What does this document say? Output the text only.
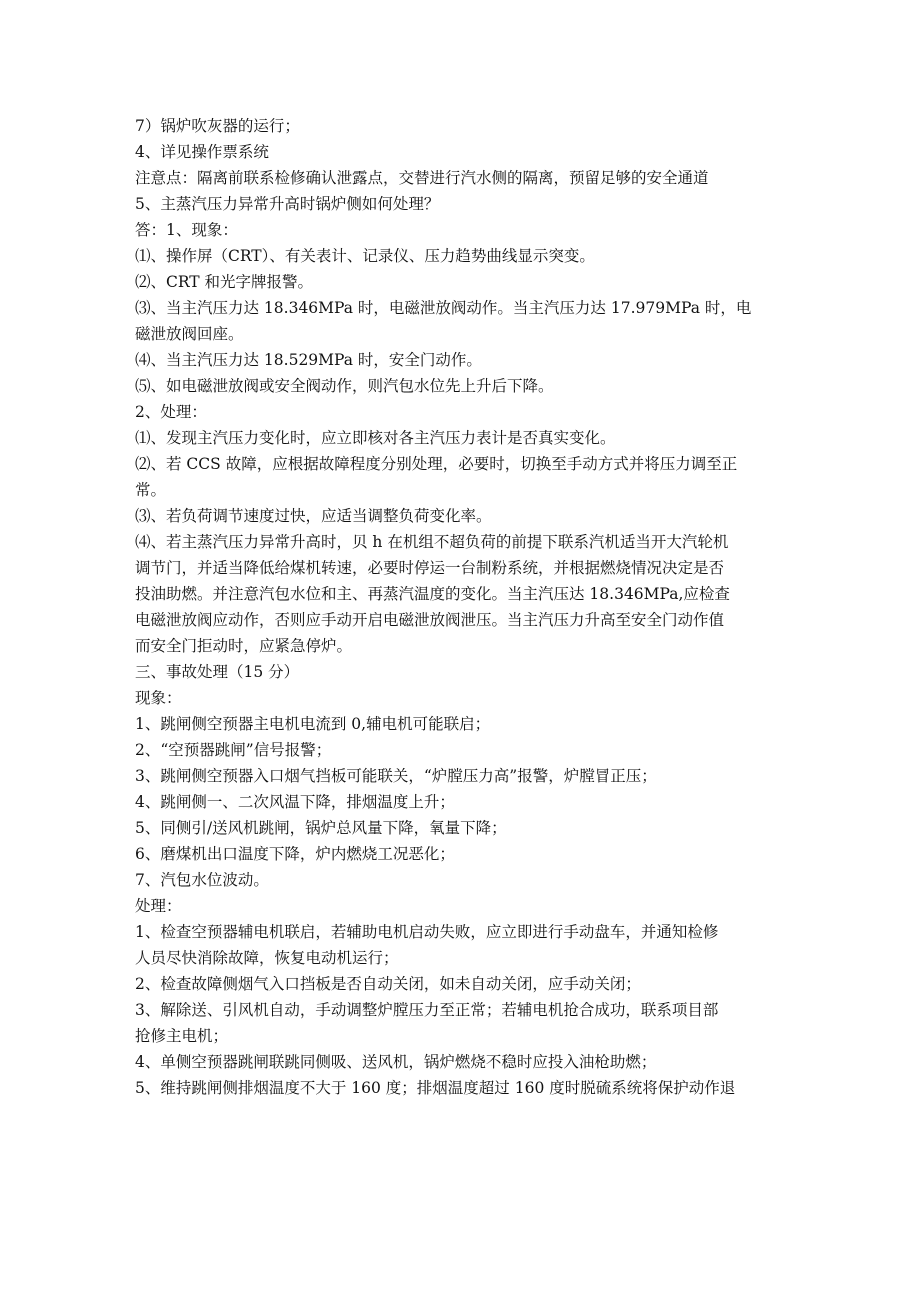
7）锅炉吹灰器的运行；
4、详见操作票系统
注意点：隔离前联系检修确认泄露点，交替进行汽水侧的隔离，预留足够的安全通道
5、主蒸汽压力异常升高时锅炉侧如何处理？
答：1、现象：
⑴、操作屏（CRT）、有关表计、记录仪、压力趋势曲线显示突变。
⑵、CRT 和光字牌报警。
⑶、当主汽压力达 18.346MPa 时，电磁泄放阀动作。当主汽压力达 17.979MPa 时，电
磁泄放阀回座。
⑷、当主汽压力达 18.529MPa 时，安全门动作。
⑸、如电磁泄放阀或安全阀动作，则汽包水位先上升后下降。
2、处理：
⑴、发现主汽压力变化时，应立即核对各主汽压力表计是否真实变化。
⑵、若 CCS 故障，应根据故障程度分别处理，必要时，切换至手动方式并将压力调至正
常。
⑶、若负荷调节速度过快，应适当调整负荷变化率。
⑷、若主蒸汽压力异常升高时，贝 h 在机组不超负荷的前提下联系汽机适当开大汽轮机
调节门，并适当降低给煤机转速，必要时停运一台制粉系统，并根据燃烧情况决定是否
投油助燃。并注意汽包水位和主、再蒸汽温度的变化。当主汽压达 18.346MPa,应检查
电磁泄放阀应动作，否则应手动开启电磁泄放阀泄压。当主汽压力升高至安全门动作值
而安全门拒动时，应紧急停炉。
三、事故处理（15 分）
现象：
1、跳闸侧空预器主电机电流到 0,辅电机可能联启；
2、“空预器跳闸”信号报警；
3、跳闸侧空预器入口烟气挡板可能联关，“炉膛压力高”报警，炉膛冒正压；
4、跳闸侧一、二次风温下降，排烟温度上升；
5、同侧引/送风机跳闸，锅炉总风量下降，氧量下降；
6、磨煤机出口温度下降，炉内燃烧工况恶化；
7、汽包水位波动。
处理：
1、检查空预器辅电机联启，若辅助电机启动失败，应立即进行手动盘车，并通知检修
人员尽快消除故障，恢复电动机运行；
2、检查故障侧烟气入口挡板是否自动关闭，如未自动关闭，应手动关闭；
3、解除送、引风机自动，手动调整炉膛压力至正常；若辅电机抢合成功，联系项目部
抢修主电机；
4、单侧空预器跳闸联跳同侧吸、送风机，锅炉燃烧不稳时应投入油枪助燃；
5、维持跳闸侧排烟温度不大于 160 度；排烟温度超过 160 度时脱硫系统将保护动作退
